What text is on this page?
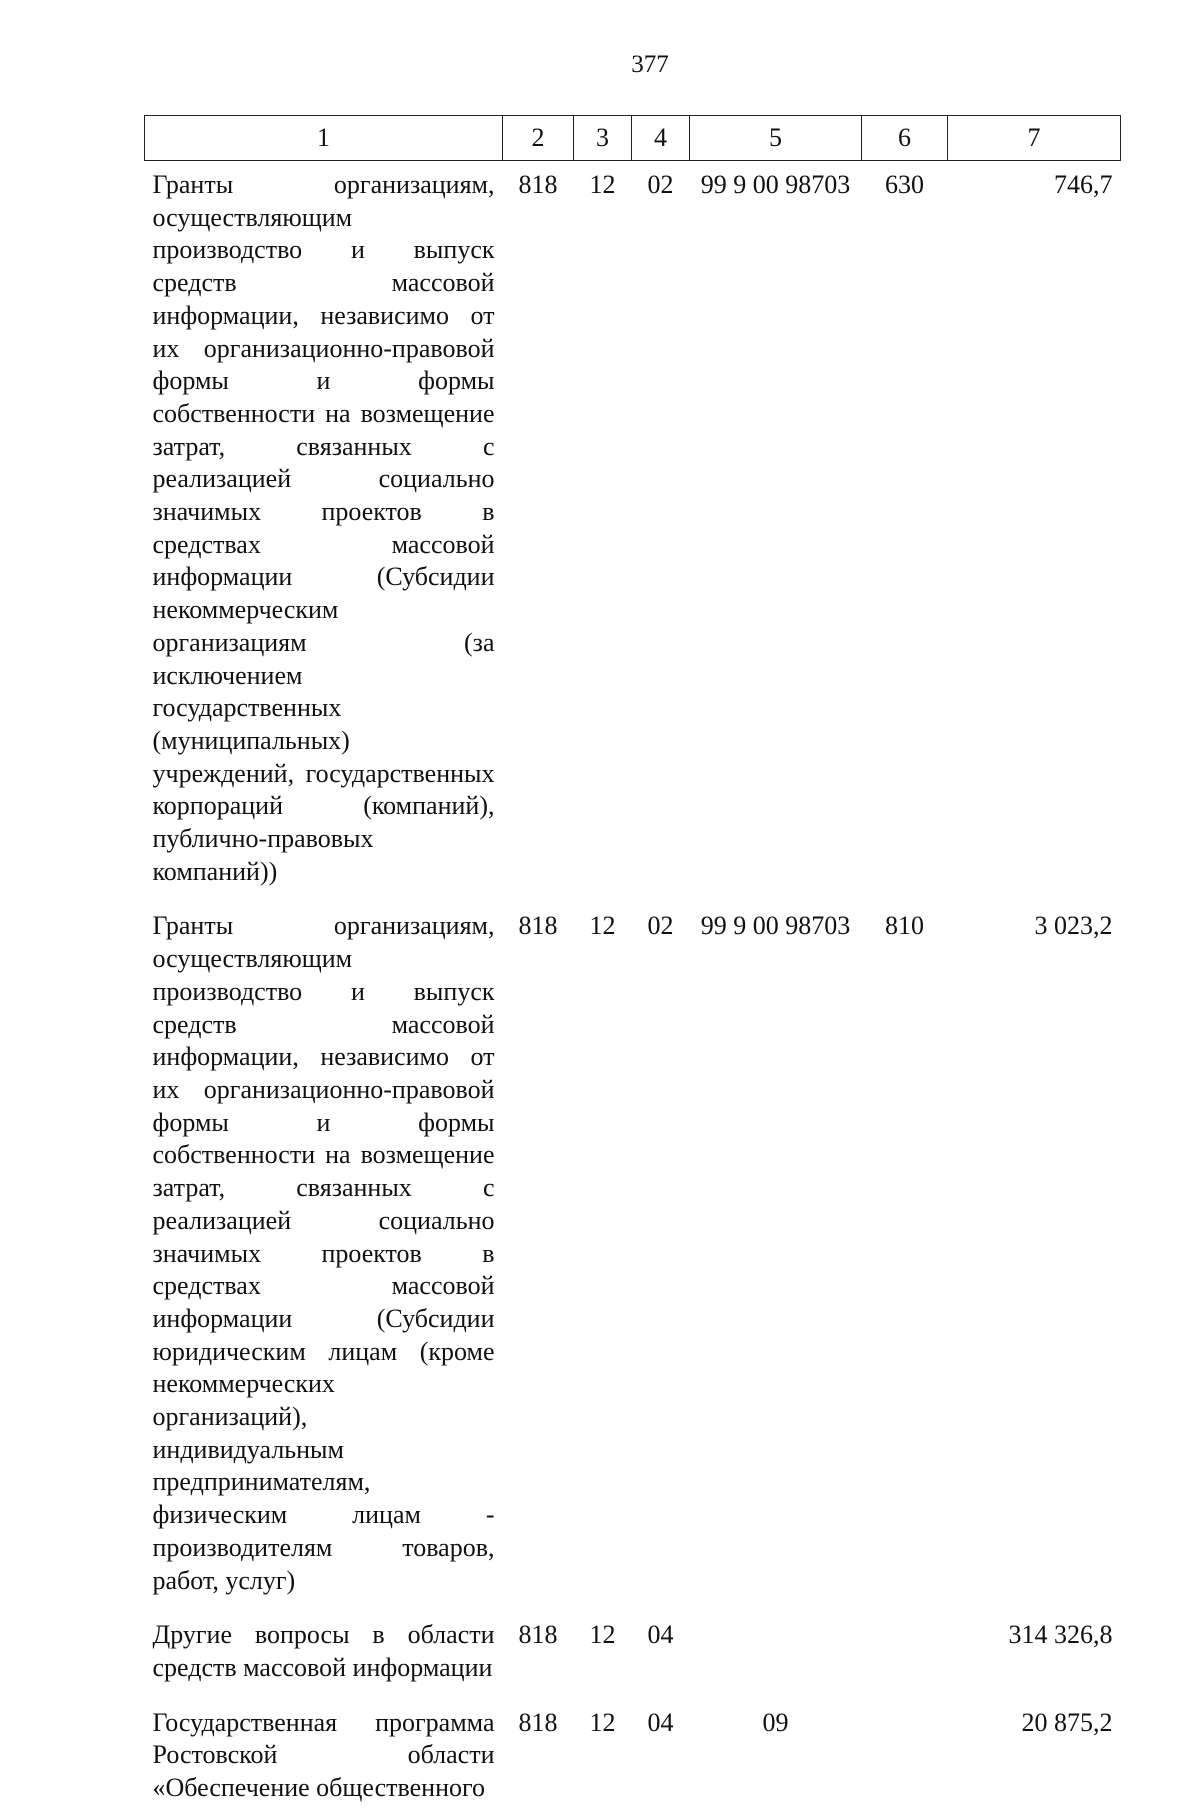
377
1	2	3	4	5	6	7
Гранты организациям, осуществляющим производство и выпуск средств массовой информации, независимо от их организационно-правовой формы и формы собственности на возмещение затрат, связанных с реализацией социально значимых проектов в средствах массовой информации (Субсидии некоммерческим организациям (за исключением государственных (муниципальных) учреждений, государственных корпораций (компаний), публично-правовых компаний))	818	12	02	99 9 00 98703	630	746,7
Гранты организациям, осуществляющим производство и выпуск средств массовой информации, независимо от их организационно-правовой формы и формы собственности на возмещение затрат, связанных с реализацией социально значимых проектов в средствах массовой информации (Субсидии юридическим лицам (кроме некоммерческих организаций), индивидуальным предпринимателям, физическим лицам - производителям товаров, работ, услуг)	818	12	02	99 9 00 98703	810	3 023,2
Другие вопросы в области средств массовой информации	818	12	04			314 326,8
Государственная программа Ростовской области «Обеспечение общественного	818	12	04	09		20 875,2
